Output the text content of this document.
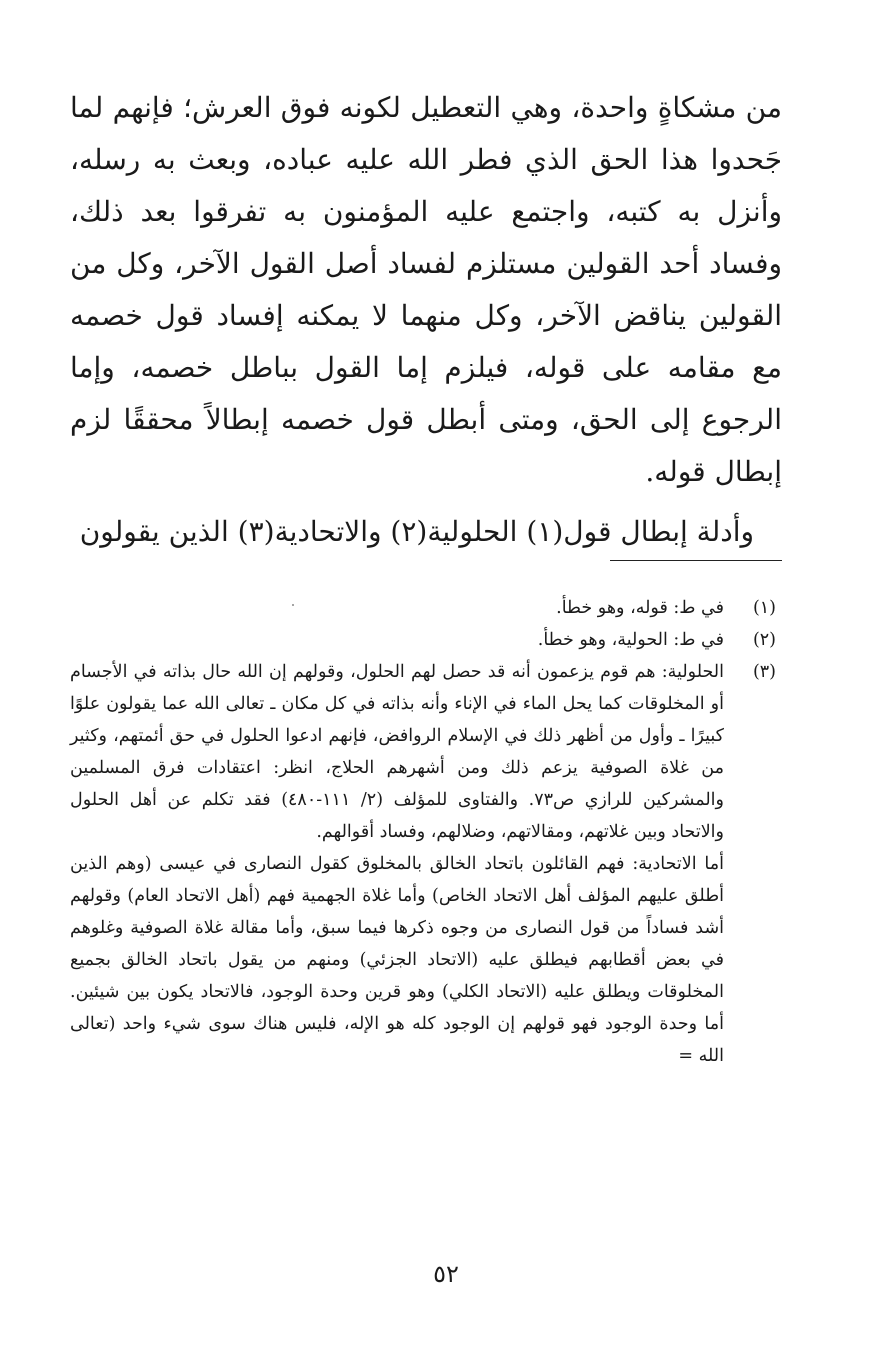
من مشكاةٍ واحدة، وهي التعطيل لكونه فوق العرش؛ فإنهم لما جَحدوا هذا الحق الذي فطر الله عليه عباده، وبعث به رسله، وأنزل به كتبه، واجتمع عليه المؤمنون به تفرقوا بعد ذلك، وفساد أحد القولين مستلزم لفساد أصل القول الآخر، وكل من القولين يناقض الآخر، وكل منهما لا يمكنه إفساد قول خصمه مع مقامه على قوله، فيلزم إما القول بباطل خصمه، وإما الرجوع إلى الحق، ومتى أبطل قول خصمه إبطالاً محققًا لزم إبطال قوله.

وأدلة إبطال قول(١) الحلولية(٢) والاتحادية(٣) الذين يقولون

(١)
في ط: قوله، وهو خطأ.
(٢)
في ط: الحولية، وهو خطأ.
(٣)

الحلولية: هم قوم يزعمون أنه قد حصل لهم الحلول، وقولهم إن الله حال بذاته في الأجسام أو المخلوقات كما يحل الماء في الإناء وأنه بذاته في كل مكان ـ تعالى الله عما يقولون علوًا كبيرًا ـ وأول من أظهر ذلك في الإسلام الروافض، فإنهم ادعوا الحلول في حق أئمتهم، وكثير من غلاة الصوفية يزعم ذلك ومن أشهرهم الحلاج، انظر: اعتقادات فرق المسلمين والمشركين للرازي ص٧٣. والفتاوى للمؤلف (٢/ ١١١-٤٨٠) فقد تكلم عن أهل الحلول والاتحاد وبين غلاتهم، ومقالاتهم، وضلالهم، وفساد أقوالهم.

أما الاتحادية: فهم القائلون باتحاد الخالق بالمخلوق كقول النصارى في عيسى (وهم الذين أطلق عليهم المؤلف أهل الاتحاد الخاص) وأما غلاة الجهمية فهم (أهل الاتحاد العام) وقولهم أشد فساداً من قول النصارى من وجوه ذكرها فيما سبق، وأما مقالة غلاة الصوفية وغلوهم في بعض أقطابهم فيطلق عليه (الاتحاد الجزئي) ومنهم من يقول باتحاد الخالق بجميع المخلوقات ويطلق عليه (الاتحاد الكلي) وهو قرين وحدة الوجود، فالاتحاد يكون بين شيئين. أما وحدة الوجود فهو قولهم إن الوجود كله هو الإله، فليس هناك سوى شيء واحد (تعالى الله =

٥٢
